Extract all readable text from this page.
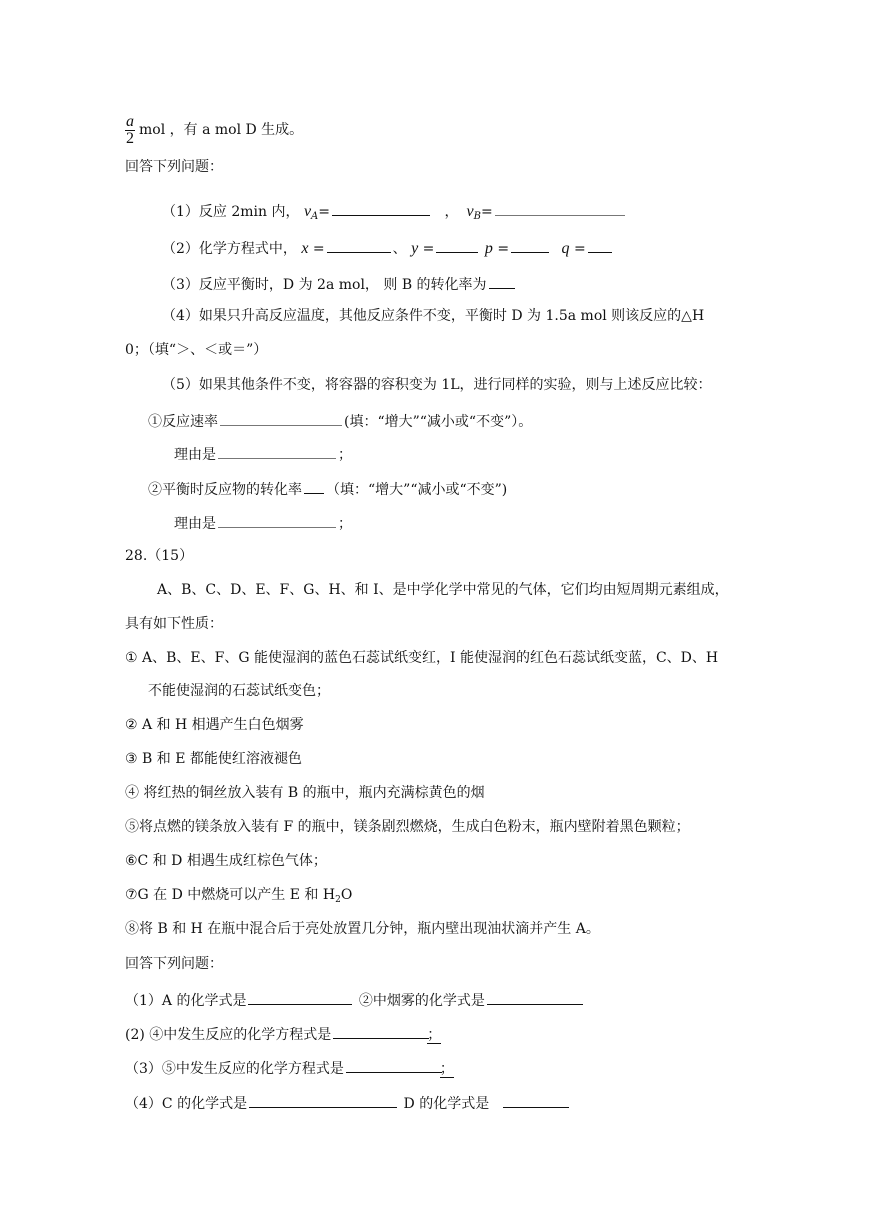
$\frac{a}{2}$ mol ，有 a mol D 生成。
回答下列问题：
（1）反应 2min 内， $v_A=$	， $v_B=$
（2）化学方程式中， x =	、 y =	p =	q =
（3）反应平衡时，D 为 2a mol， 则 B 的转化率为
（4）如果只升高反应温度，其他反应条件不变，平衡时 D 为 1.5a mol 则该反应的△H
0；（填“＞、＜或＝”）
（5）如果其他条件不变，将容器的容积变为 1L，进行同样的实验，则与上述反应比较：
①反应速率	(填：“增大”“减小或“不变”）。
理由是	；
②平衡时反应物的转化率 （填：“增大”“减小或“不变”)
理由是	；
28.（15）
A、B、C、D、E、F、G、H、和 I、是中学化学中常见的气体，它们均由短周期元素组成，
具有如下性质：
① A、B、E、F、G 能使湿润的蓝色石蕊试纸变红，I 能使湿润的红色石蕊试纸变蓝，C、D、H
不能使湿润的石蕊试纸变色；
② A 和 H 相遇产生白色烟雾
③ B 和 E 都能使红溶液褪色
④ 将红热的铜丝放入装有 B 的瓶中，瓶内充满棕黄色的烟
⑤将点燃的镁条放入装有 F 的瓶中，镁条剧烈燃烧，生成白色粉末，瓶内壁附着黑色颗粒；
⑥C 和 D 相遇生成红棕色气体；
⑦G 在 D 中燃烧可以产生 E 和 $H_2O$
⑧将 B 和 H 在瓶中混合后于亮处放置几分钟，瓶内壁出现油状滴并产生 A。
回答下列问题：
（1）A 的化学式是	②中烟雾的化学式是
(2) ④中发生反应的化学方程式是	；
（3）⑤中发生反应的化学方程式是	；
（4）C 的化学式是	D 的化学式是
